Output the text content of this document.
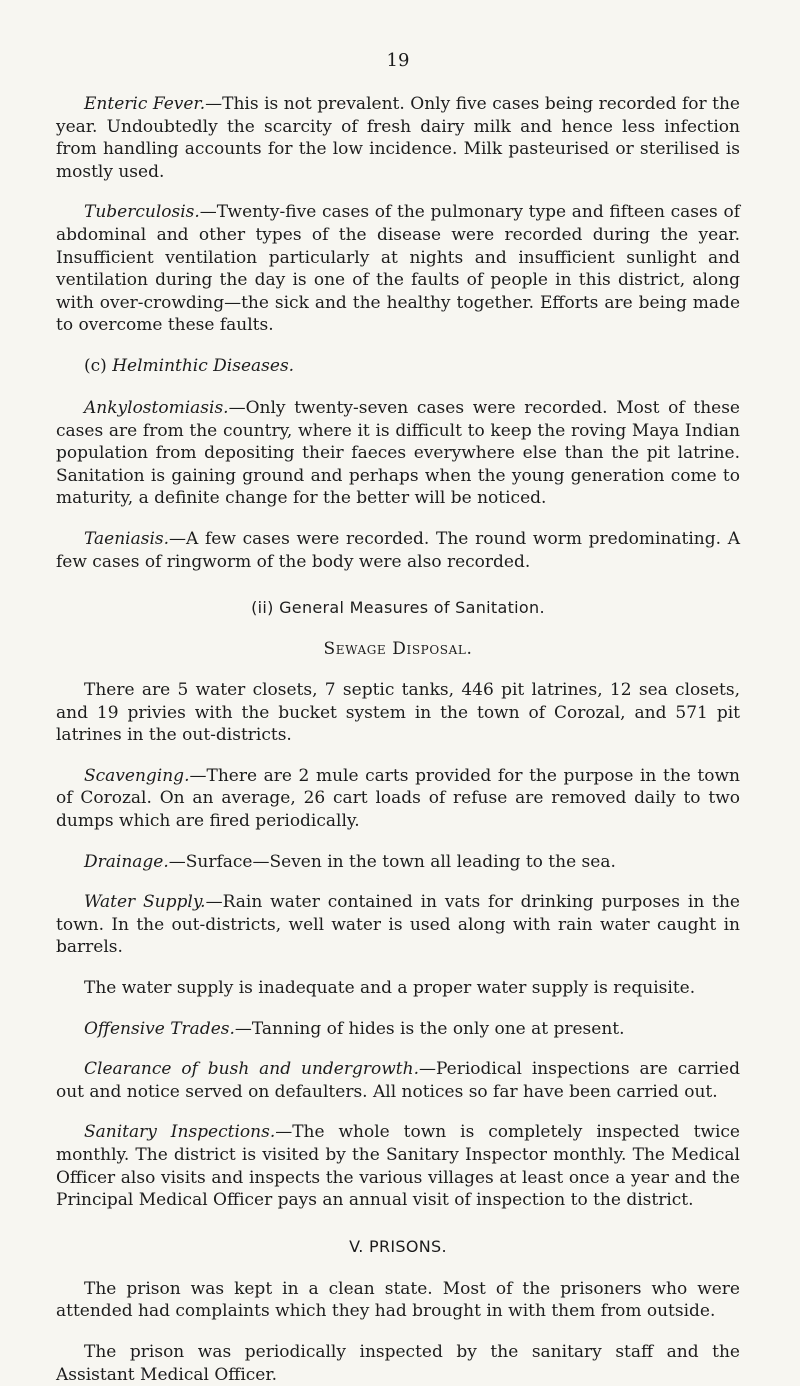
19

Enteric Fever.—This is not prevalent. Only five cases being recorded for the year. Undoubtedly the scarcity of fresh dairy milk and hence less infection from handling accounts for the low incidence. Milk pasteurised or sterilised is mostly used.

Tuberculosis.—Twenty-five cases of the pulmonary type and fifteen cases of abdominal and other types of the disease were recorded during the year. Insufficient ventilation particularly at nights and insufficient sunlight and ventilation during the day is one of the faults of people in this district, along with over-crowding—the sick and the healthy together. Efforts are being made to overcome these faults.

(c) Helminthic Diseases.

Ankylostomiasis.—Only twenty-seven cases were recorded. Most of these cases are from the country, where it is difficult to keep the roving Maya Indian population from depositing their faeces everywhere else than the pit latrine. Sanitation is gaining ground and perhaps when the young generation come to maturity, a definite change for the better will be noticed.

Taeniasis.—A few cases were recorded. The round worm predominating. A few cases of ringworm of the body were also recorded.

(ii) General Measures of Sanitation.
Sewage Disposal.

There are 5 water closets, 7 septic tanks, 446 pit latrines, 12 sea closets, and 19 privies with the bucket system in the town of Corozal, and 571 pit latrines in the out-districts.

Scavenging.—There are 2 mule carts provided for the purpose in the town of Corozal. On an average, 26 cart loads of refuse are removed daily to two dumps which are fired periodically.

Drainage.—Surface—Seven in the town all leading to the sea.

Water Supply.—Rain water contained in vats for drinking purposes in the town. In the out-districts, well water is used along with rain water caught in barrels.

The water supply is inadequate and a proper water supply is requisite.

Offensive Trades.—Tanning of hides is the only one at present.

Clearance of bush and undergrowth.—Periodical inspections are carried out and notice served on defaulters. All notices so far have been carried out.

Sanitary Inspections.—The whole town is completely inspected twice monthly. The district is visited by the Sanitary Inspector monthly. The Medical Officer also visits and inspects the various villages at least once a year and the Principal Medical Officer pays an annual visit of inspection to the district.

V. PRISONS.

The prison was kept in a clean state. Most of the prisoners who were attended had complaints which they had brought in with them from outside.

The prison was periodically inspected by the sanitary staff and the Assistant Medical Officer.
